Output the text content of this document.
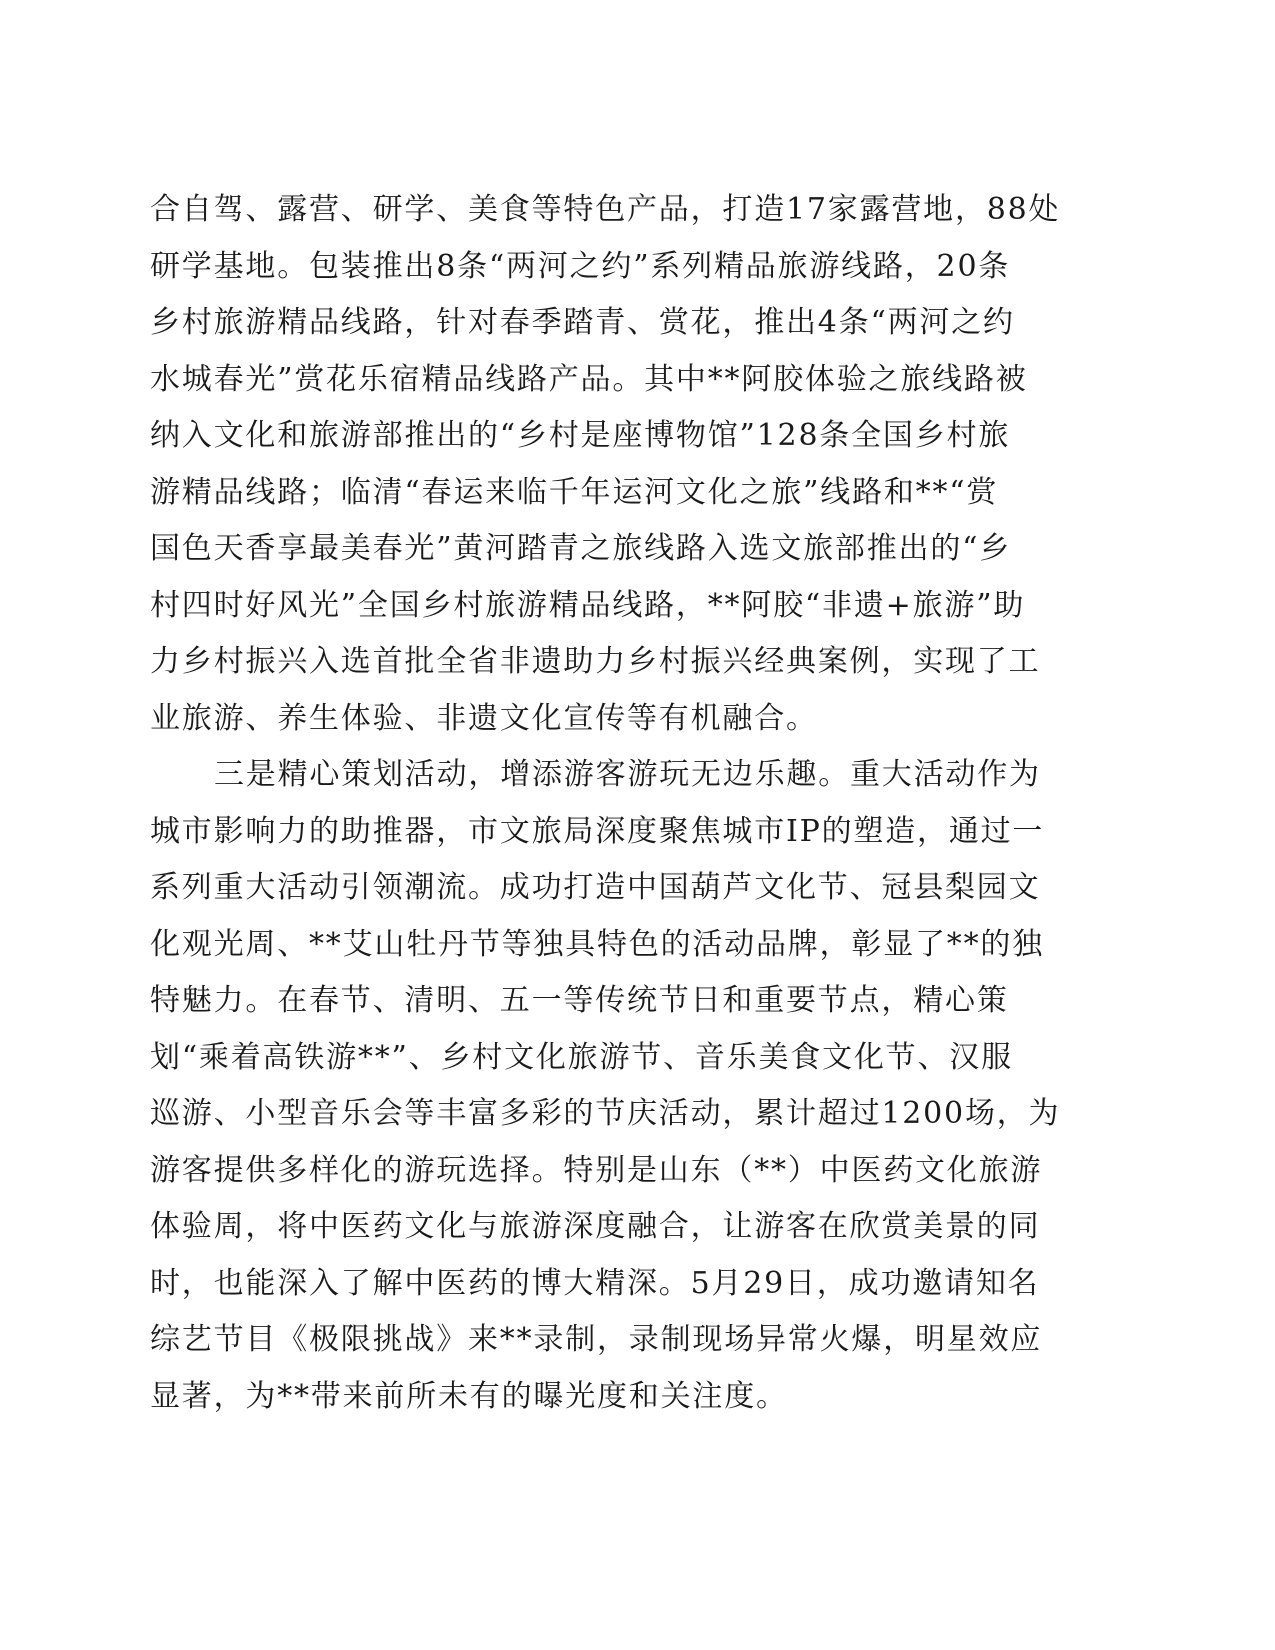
合自驾、露营、研学、美食等特色产品，打造17家露营地，88处
研学基地。包装推出8条“两河之约”系列精品旅游线路，20条
乡村旅游精品线路，针对春季踏青、赏花，推出4条“两河之约
水城春光”赏花乐宿精品线路产品。其中**阿胶体验之旅线路被
纳入文化和旅游部推出的“乡村是座博物馆”128条全国乡村旅
游精品线路；临清“春运来临千年运河文化之旅”线路和**“赏
国色天香享最美春光”黄河踏青之旅线路入选文旅部推出的“乡
村四时好风光”全国乡村旅游精品线路，**阿胶“非遗+旅游”助
力乡村振兴入选首批全省非遗助力乡村振兴经典案例，实现了工
业旅游、养生体验、非遗文化宣传等有机融合。
三是精心策划活动，增添游客游玩无边乐趣。重大活动作为
城市影响力的助推器，市文旅局深度聚焦城市IP的塑造，通过一
系列重大活动引领潮流。成功打造中国葫芦文化节、冠县梨园文
化观光周、**艾山牡丹节等独具特色的活动品牌，彰显了**的独
特魅力。在春节、清明、五一等传统节日和重要节点，精心策
划“乘着高铁游**”、乡村文化旅游节、音乐美食文化节、汉服
巡游、小型音乐会等丰富多彩的节庆活动，累计超过1200场，为
游客提供多样化的游玩选择。特别是山东（**）中医药文化旅游
体验周，将中医药文化与旅游深度融合，让游客在欣赏美景的同
时，也能深入了解中医药的博大精深。5月29日，成功邀请知名
综艺节目《极限挑战》来**录制，录制现场异常火爆，明星效应
显著，为**带来前所未有的曝光度和关注度。
